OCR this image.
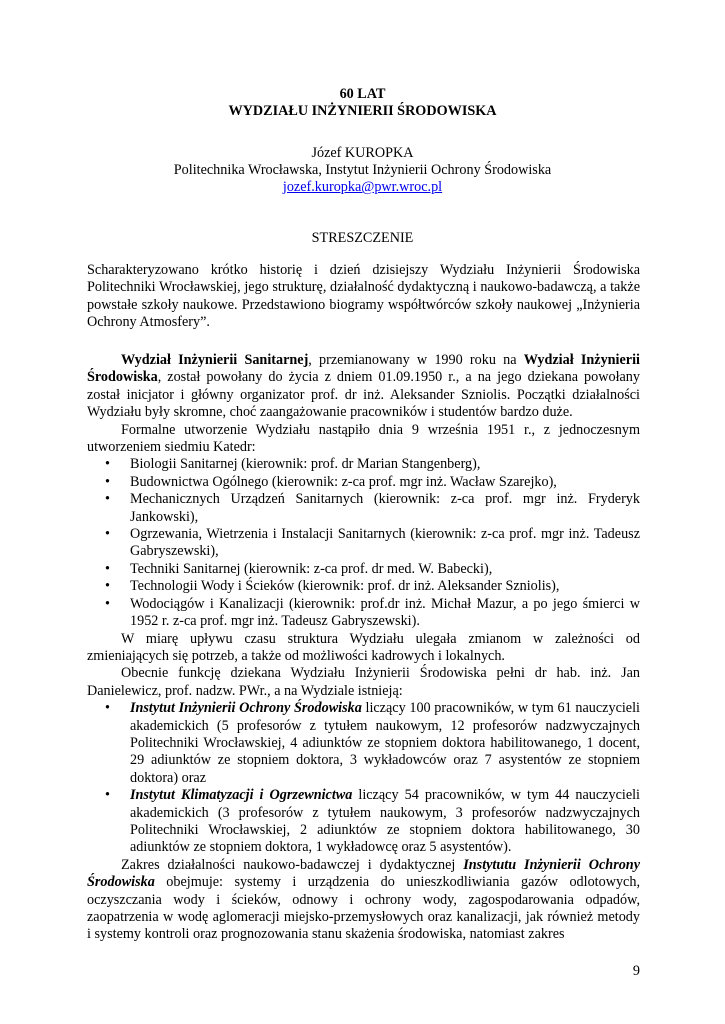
60 LAT
WYDZIAŁU INŻYNIERII ŚRODOWISKA
Józef KUROPKA
Politechnika Wrocławska, Instytut Inżynierii Ochrony Środowiska
jozef.kuropka@pwr.wroc.pl
STRESZCZENIE

Scharakteryzowano krótko historię i dzień dzisiejszy Wydziału Inżynierii Środowiska Politechniki Wrocławskiej, jego strukturę, działalność dydaktyczną i naukowo-badawczą, a także powstałe szkoły naukowe. Przedstawiono biogramy współtwórców szkoły naukowej „Inżynieria Ochrony Atmosfery”.

Wydział Inżynierii Sanitarnej, przemianowany w 1990 roku na Wydział Inżynierii Środowiska, został powołany do życia z dniem 01.09.1950 r., a na jego dziekana powołany został inicjator i główny organizator prof. dr inż. Aleksander Szniolis. Początki działalności Wydziału były skromne, choć zaangażowanie pracowników i studentów bardzo duże.

Formalne utworzenie Wydziału nastąpiło dnia 9 września 1951 r., z jednoczesnym utworzeniem siedmiu Katedr:

•	Biologii Sanitarnej (kierownik: prof. dr Marian Stangenberg),
•	Budownictwa Ogólnego (kierownik: z-ca prof. mgr inż. Wacław Szarejko),
•	Mechanicznych Urządzeń Sanitarnych (kierownik: z-ca prof. mgr inż. Fryderyk Jankowski),
•	Ogrzewania, Wietrzenia i Instalacji Sanitarnych (kierownik: z-ca prof. mgr inż. Tadeusz Gabryszewski),
•	Techniki Sanitarnej (kierownik: z-ca prof. dr med. W. Babecki),
•	Technologii Wody i Ścieków (kierownik: prof. dr inż. Aleksander Szniolis),
•	Wodociągów i Kanalizacji (kierownik: prof.dr inż. Michał Mazur, a po jego śmierci w 1952 r. z-ca prof. mgr inż. Tadeusz Gabryszewski).

W miarę upływu czasu struktura Wydziału ulegała zmianom w zależności od zmieniających się potrzeb, a także od możliwości kadrowych i lokalnych.

Obecnie funkcję dziekana Wydziału Inżynierii Środowiska pełni dr hab. inż. Jan Danielewicz, prof. nadzw. PWr., a na Wydziale istnieją:

•	Instytut Inżynierii Ochrony Środowiska liczący 100 pracowników, w tym 61 nauczycieli akademickich (5 profesorów z tytułem naukowym, 12 profesorów nadzwyczajnych Politechniki Wrocławskiej, 4 adiunktów ze stopniem doktora habilitowanego, 1 docent, 29 adiunktów ze stopniem doktora, 3 wykładowców oraz 7 asystentów ze stopniem doktora) oraz
•	Instytut Klimatyzacji i Ogrzewnictwa liczący 54 pracowników, w tym 44 nauczycieli akademickich (3 profesorów z tytułem naukowym, 3 profesorów nadzwyczajnych Politechniki Wrocławskiej, 2 adiunktów ze stopniem doktora habilitowanego, 30 adiunktów ze stopniem doktora, 1 wykładowcę oraz 5 asystentów).

Zakres działalności naukowo-badawczej i dydaktycznej Instytutu Inżynierii Ochrony Środowiska obejmuje: systemy i urządzenia do unieszkodliwiania gazów odlotowych, oczyszczania wody i ścieków, odnowy i ochrony wody, zagospodarowania odpadów, zaopatrzenia w wodę aglomeracji miejsko-przemysłowych oraz kanalizacji, jak również metody i systemy kontroli oraz prognozowania stanu skażenia środowiska, natomiast zakres

9
